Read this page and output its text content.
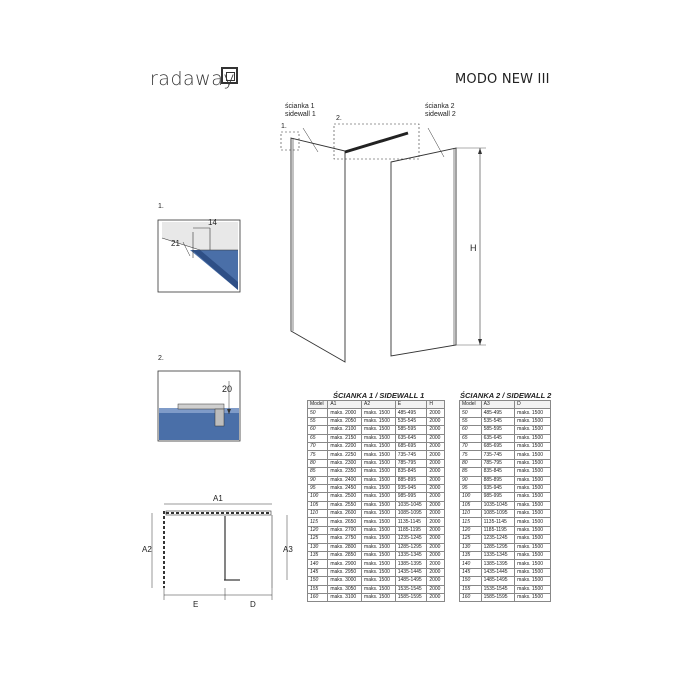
radaway	MODO NEW III
ścianka 1
sidewall 1
ścianka 2
sidewall 2
1.
2.
H
1.
14
21
2.
20
A1
A2	A3
E	D
ŚCIANKA 1 / SIDEWALL 1
Model	A1	A2	E	H
50	maks. 2000	maks. 1500	485-495	2000
55	maks. 2050	maks. 1500	535-545	2000
60	maks. 2100	maks. 1500	585-595	2000
65	maks. 2150	maks. 1500	635-645	2000
70	maks. 2200	maks. 1500	685-695	2000
75	maks. 2250	maks. 1500	735-745	2000
80	maks. 2300	maks. 1500	785-795	2000
85	maks. 2350	maks. 1500	835-845	2000
90	maks. 2400	maks. 1500	885-895	2000
95	maks. 2450	maks. 1500	935-945	2000
100	maks. 2500	maks. 1500	985-995	2000
105	maks. 2550	maks. 1500	1035-1045	2000
110	maks. 2600	maks. 1500	1085-1095	2000
115	maks. 2650	maks. 1500	1135-1145	2000
120	maks. 2700	maks. 1500	1185-1195	2000
125	maks. 2750	maks. 1500	1235-1245	2000
130	maks. 2800	maks. 1500	1285-1295	2000
135	maks. 2850	maks. 1500	1335-1345	2000
140	maks. 2900	maks. 1500	1385-1395	2000
145	maks. 2950	maks. 1500	1435-1445	2000
150	maks. 3000	maks. 1500	1485-1495	2000
155	maks. 3050	maks. 1500	1535-1545	2000
160	maks. 3100	maks. 1500	1585-1595	2000
ŚCIANKA 2 / SIDEWALL 2
Model	A3	D
50	485-495	maks. 1500
55	535-545	maks. 1500
60	585-595	maks. 1500
65	635-645	maks. 1500
70	685-695	maks. 1500
75	735-745	maks. 1500
80	785-795	maks. 1500
85	835-845	maks. 1500
90	885-895	maks. 1500
95	935-945	maks. 1500
100	985-995	maks. 1500
105	1035-1045	maks. 1500
110	1085-1095	maks. 1500
115	1135-1145	maks. 1500
120	1185-1195	maks. 1500
125	1235-1245	maks. 1500
130	1285-1295	maks. 1500
135	1335-1345	maks. 1500
140	1385-1395	maks. 1500
145	1435-1445	maks. 1500
150	1485-1495	maks. 1500
155	1535-1545	maks. 1500
160	1585-1595	maks. 1500
